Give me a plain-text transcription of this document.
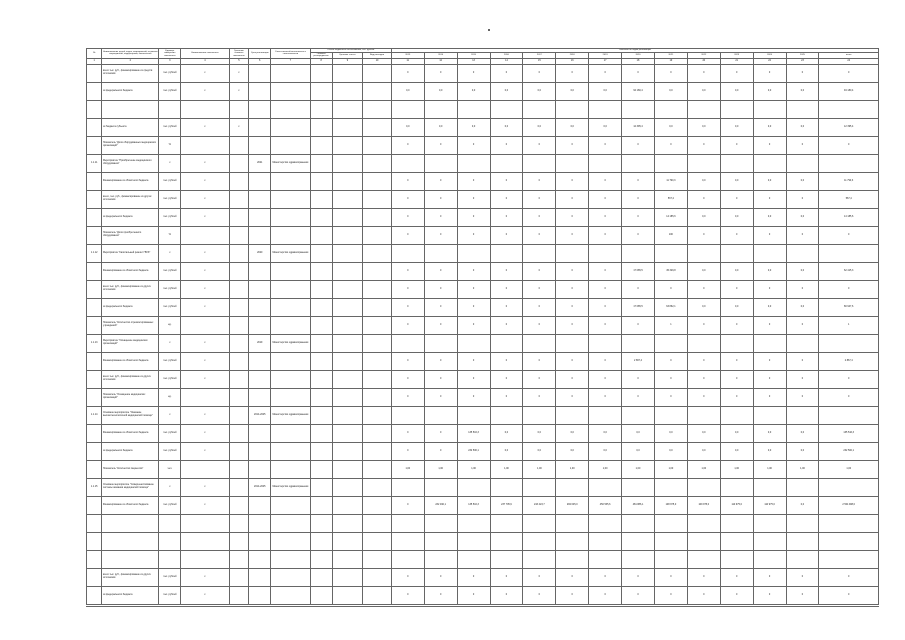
№	Наименование целей, задач, мероприятий, основных мероприятий, подпрограмм, показателей	Единица измерения показателя	Наименование показателя	Значение базового показателя	Срок реализации	Ответственный исполнитель и соисполнители	Объем бюджетных ассигнований, тыс. рублей			Значения по годам реализации													
							Главный распорядитель	Целевая статья	Вид расходов	2013	2014	2015	2016	2017	2018	2019	2020	2021	2022	2023	2024	2025	итого
1	2	3	4	5	6	7	8	9	10	11	12	13	14	15	16	17	18	19	20	21	22	23	24
	всего тыс. руб., финансирование из средств источников	тыс. рублей	х	х						0	0	0	0	0	0	0	0	0	0	0	0	0	0
	из федерального бюджета	тыс. рублей	х	х						0,0	0,0	0,0	0,0	0,0	0,0	0,0	94 180,4	0,0	0,0	0,0	0,0	0,0	94 180,4

	из бюджета субъекта	тыс. рублей	х	х						0,0	0,0	0,0	0,0	0,0	0,0	0,0	12 395,4	0,0	0,0	0,0	0,0	0,0	12 395,4
	Показатель "Доля оборудованных медицинских организаций"	%								0	0	0	0	0	0	0	0	0	0	0	0	0	0
1.1.11	Мероприятие "Приобретение медицинского оборудования"	х	х		2021	Министерство здравоохранения																	
	Финансирование из областного бюджета	тыс. рублей	х							0	0	0	0	0	0	0	0	11 790,3	0,0	0,0	0,0	0,0	11 790,3
	всего, тыс. руб., финансирование из других источников	тыс. рублей	х							0	0	0	0	0	0	0	0	567,4	0	0	0	0	567,4
	из федерального бюджета	тыс. рублей	х							0	0	0	0	0	0	0	0	14 185,6	0,0	0,0	0,0	0,0	14 185,6
	Показатель "Доля приобретенного оборудования"	%								0	0	0	0	0	0	0	0	100	0	0	0	0	0
1.1.12	Мероприятие "Капитальный ремонт ГБУЗ"	х	х		2020	Министерство здравоохранения																	
	Финансирование из областного бюджета	тыс. рублей	х							0	0	0	0	0	0	0	17 085,5	45 329,8	0,0	0,0	0,0	0,0	62 415,3
	всего тыс. руб., финансирование из других источников	тыс. рублей	х							0	0	0	0	0	0	0	0	0	0	0	0	0	0
	из федерального бюджета	тыс. рублей	х							0	0	0	0	0	0	0	17 085,5	63 862,1	0,0	0,0	0,0	0,0	80 947,6
	Показатель "Количество отремонтированных учреждений"	ед.								0	0	0	0	0	0	0	0	1	0	0	0	0	1
1.1.13	Мероприятие "Оснащение медицинских организаций"	х	х		2019	Министерство здравоохранения																	
	Финансирование из областного бюджета	тыс. рублей	х							0	0	0	0	0	0	0	2 867,4	0	0	0	0	0	2 867,4
	всего тыс. руб., финансирование из других источников	тыс. рублей	х							0	0	0	0	0	0	0	0	0	0	0	0	0	0
	Показатель "Оснащение медицинских организаций"	ед.								0	0	0	0	0	0	0	0	0	0	0	0	0	0
1.1.14	Основное мероприятие "Оказание высокотехнологичной медицинской помощи"	х	х		2014-2025	Министерство здравоохранения																	
	Финансирование из областного бюджета	тыс. рублей	х							0	0	135 516,3	0,0	0,0	0,0	0,0	0,0	0,0	0,0	0,0	0,0	0,0	135 516,3
	из федерального бюджета	тыс. рублей	х							0	0	232 500,1	0,0	0,0	0,0	0,0	0,0	0,0	0,0	0,0	0,0	0,0	232 500,1
	Показатель "Количество пациентов"	чел.								1,00	1,00	1,00	1,00	1,00	1,00	1,00	1,00	1,00	1,00	1,00	1,00	1,00	1,00
1.1.15	Основное мероприятие "Совершенствование системы оказания медицинской помощи"	х	х		2014-2025	Министерство здравоохранения																	
	Финансирование из областного бюджета	тыс. рублей	х							0	232 490,1	135 516,3	237 705,9	243 423,7	282 645,0	450 535,6	481 886,1	108 975,0	109 975,0	110 975,0	110 975,0	0,0	2 504 908,0

	всего тыс. руб., финансирование из других источников	тыс. рублей	х							0	0	0	0	0	0	0	0	0	0	0	0	0	0
	из федерального бюджета	тыс. рублей	х							0	0	0	0	0	0	0	0	0	0	0	0	0	0
